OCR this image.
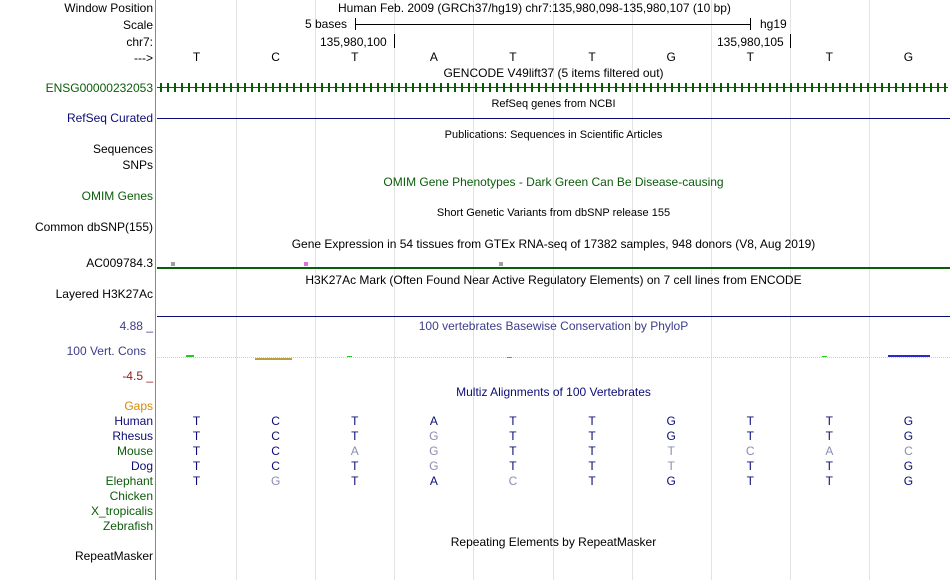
Window Position	Human Feb. 2009 (GRCh37/hg19) chr7:135,980,098-135,980,107 (10 bp)
Scale	5 bases	hg19
chr7:	135,980,100	135,980,105
--->	T	C	T	A	T	T	G	T	T	G
GENCODE V49lift37 (5 items filtered out)
ENSG00000232053
RefSeq genes from NCBI
RefSeq Curated
Publications: Sequences in Scientific Articles
Sequences
SNPs
OMIM Gene Phenotypes - Dark Green Can Be Disease-causing
OMIM Genes
Short Genetic Variants from dbSNP release 155
Common dbSNP(155)
Gene Expression in 54 tissues from GTEx RNA-seq of 17382 samples, 948 donors (V8, Aug 2019)
AC009784.3
H3K27Ac Mark (Often Found Near Active Regulatory Elements) on 7 cell lines from ENCODE
Layered H3K27Ac
100 vertebrates Basewise Conservation by PhyloP
4.88 _
100 Vert. Cons
-4.5 _
Multiz Alignments of 100 Vertebrates
Gaps
Human	T	C	T	A	T	T	G	T	T	G
Rhesus	T	C	T	G	T	T	G	T	T	G
Mouse	T	C	A	G	T	T	T	C	A	C
Dog	T	C	T	G	T	T	T	T	T	G
Elephant	T	G	T	A	C	T	G	T	T	G
Chicken
X_tropicalis
Zebrafish
Repeating Elements by RepeatMasker
RepeatMasker
